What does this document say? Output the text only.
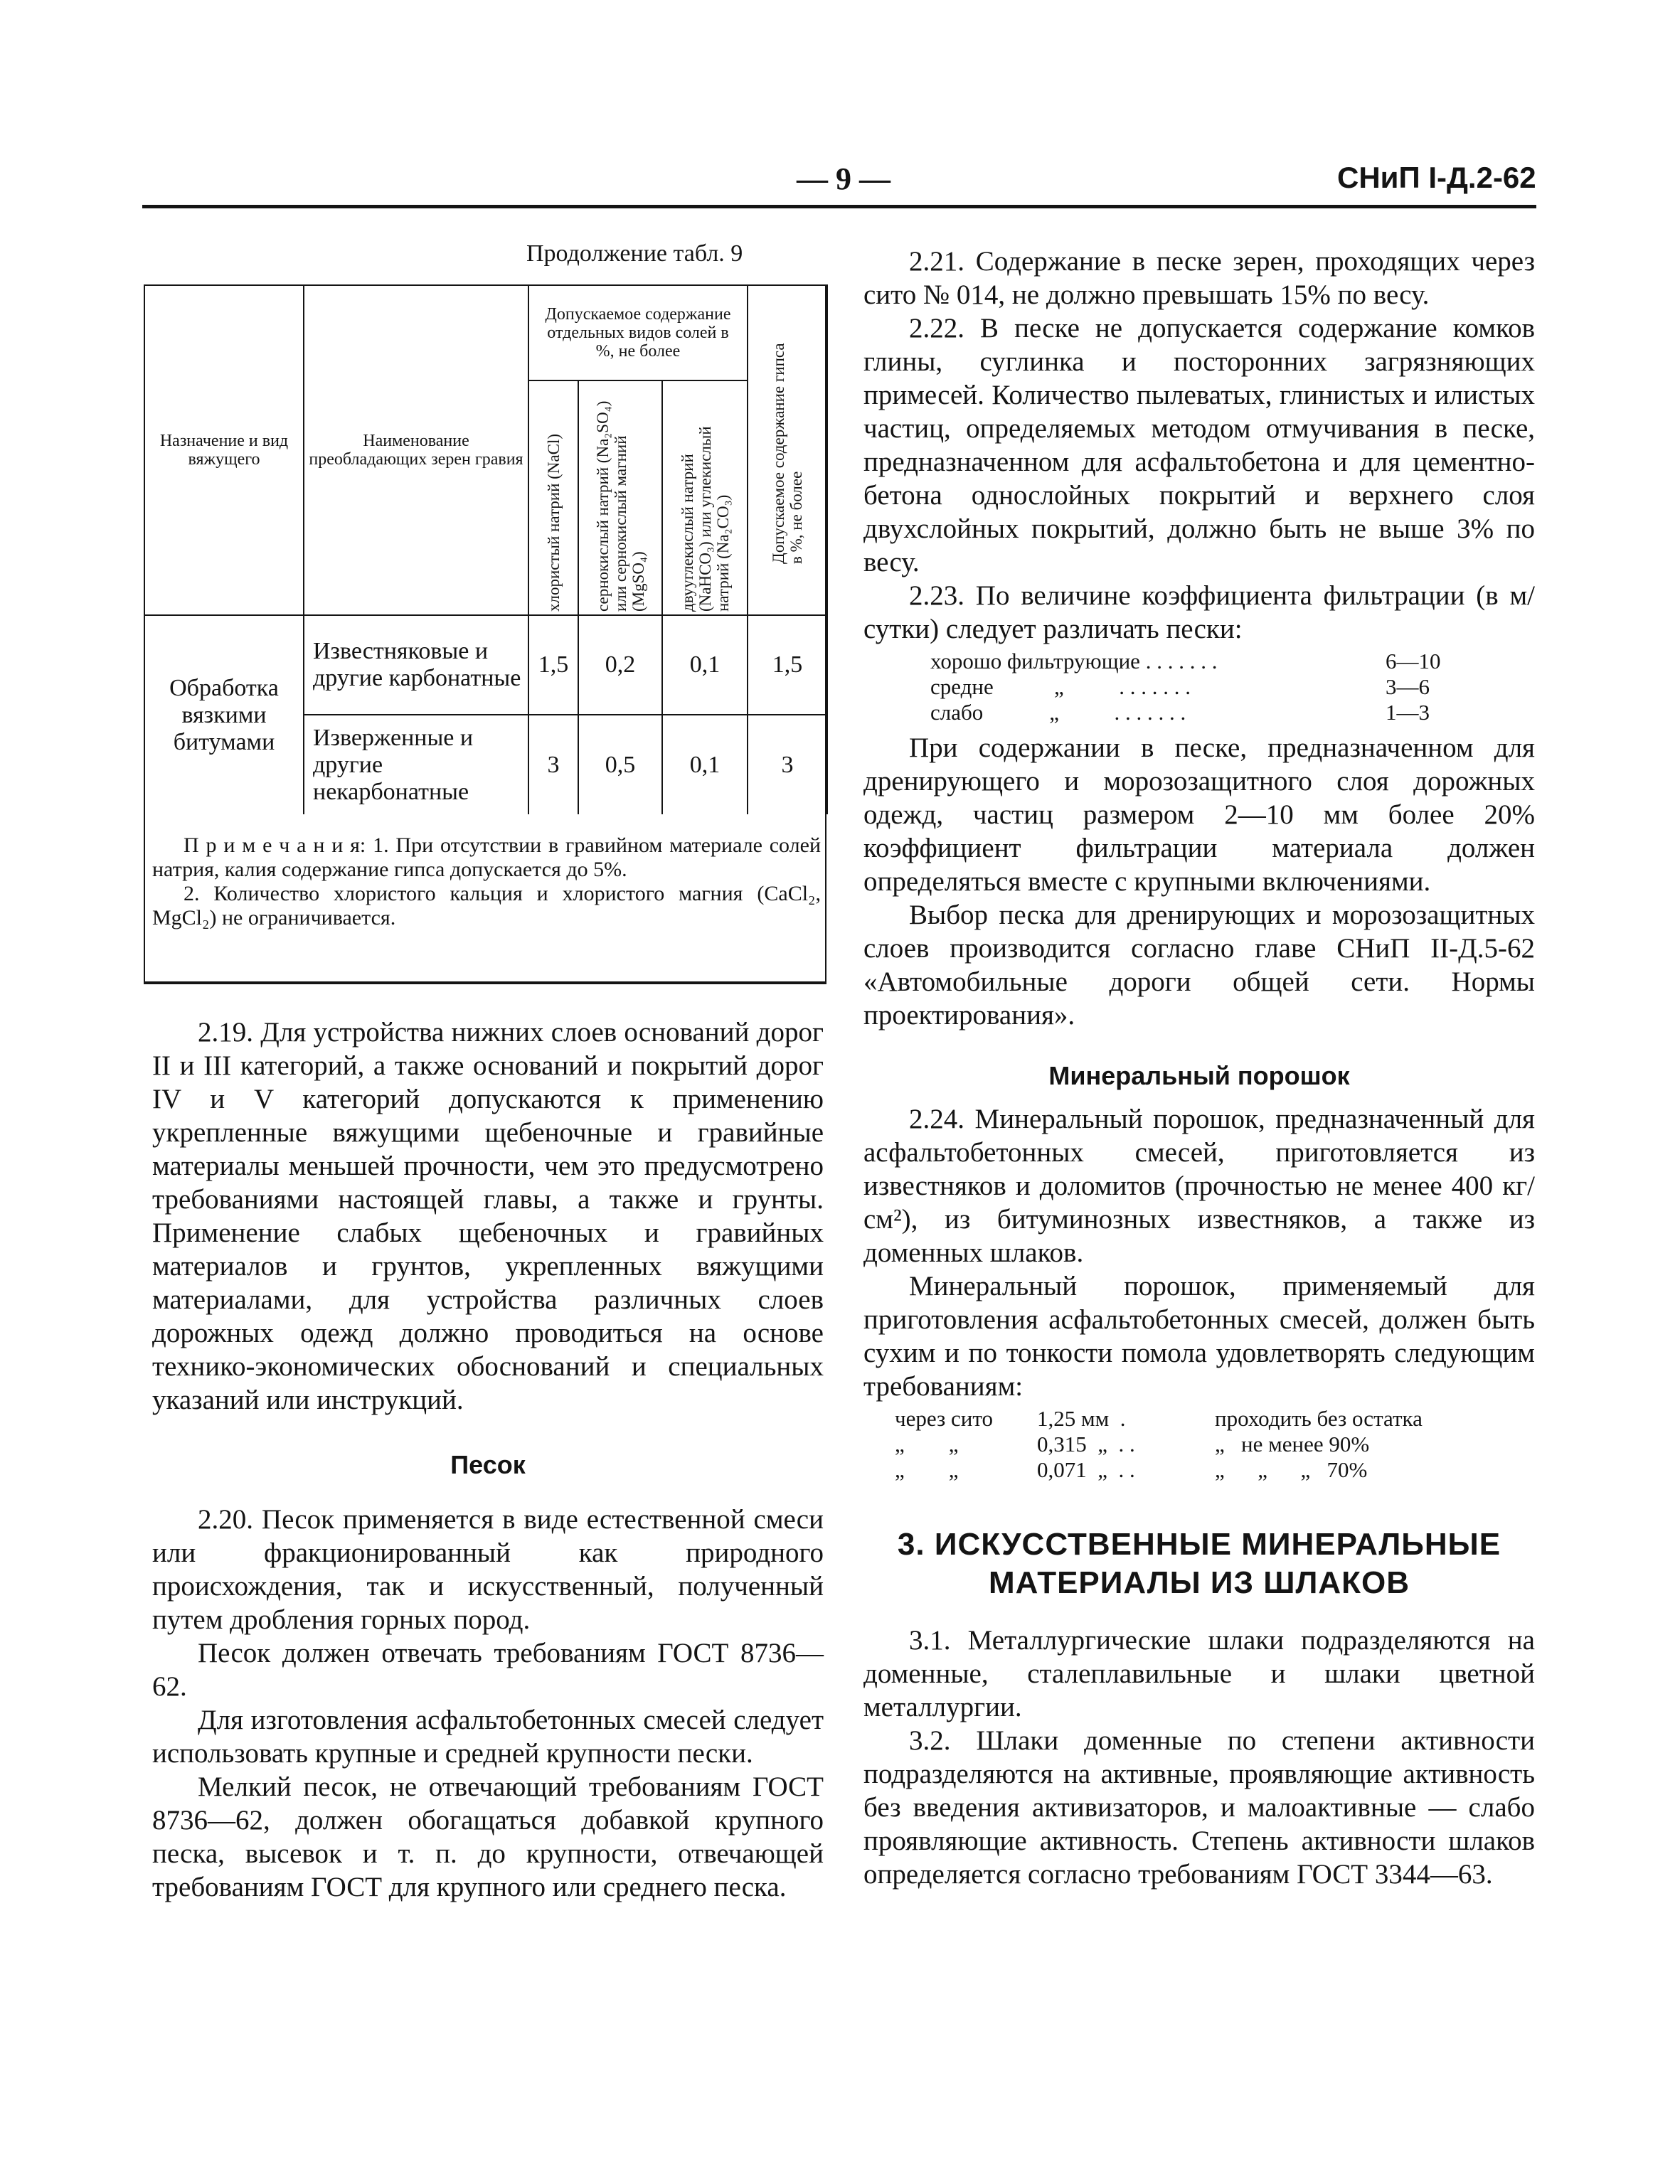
— 9 —	СНиП I-Д.2-62
Продолжение табл. 9
Назначение и вид вяжущего	Наименование преобладающих зерен гравия	Допускаемое содержание отдельных видов солей в %, не более			Допускаемое содержание гипса в %, не более

		хлористый натрий (NaCl)	сернокислый натрий (Na₂SO₄) или сернокислый магний (MgSO₄)	двууглекислый натрий (NaHCO₃) или углекислый натрий (Na₂CO₃)	

Обработка вязкими битумами	Известняковые и другие карбонатные	1,5	0,2	0,1	1,5
	Изверженные и другие некарбонатные	3	0,5	0,1	3

П р и м е ч а н и я: 1. При отсутствии в гравийном материале солей натрия, калия содержание гипса допускается до 5%.

2. Количество хлористого кальция и хлористого магния (CaCl₂, MgCl₂) не ограничивается.

2.19. Для устройства нижних слоев оснований дорог II и III категорий, а также оснований и покрытий дорог IV и V категорий допускаются к применению укрепленные вяжущими щебеночные и гравийные материалы меньшей прочности, чем это предусмотрено требованиями настоящей главы, а также и грунты. Применение слабых щебеночных и гравийных материалов и грунтов, укрепленных вяжущими материалами, для устройства различных слоев дорожных одежд должно проводиться на основе технико-экономических обоснований и специальных указаний или инструкций.

Песок

2.20. Песок применяется в виде естественной смеси или фракционированный как природного происхождения, так и искусственный, полученный путем дробления горных пород.

Песок должен отвечать требованиям ГОСТ 8736—62.

Для изготовления асфальтобетонных смесей следует использовать крупные и средней крупности пески.

Мелкий песок, не отвечающий требованиям ГОСТ 8736—62, должен обогащаться добавкой крупного песка, высевок и т. п. до крупности, отвечающей требованиям ГОСТ для крупного или среднего песка.

2.21. Содержание в песке зерен, проходящих через сито № 014, не должно превышать 15% по весу.

2.22. В песке не допускается содержание комков глины, суглинка и посторонних загрязняющих примесей. Количество пылеватых, глинистых и илистых частиц, определяемых методом отмучивания в песке, предназначенном для асфальтобетона и для цементно-бетона однослойных покрытий и верхнего слоя двухслойных покрытий, должно быть не выше 3% по весу.

2.23. По величине коэффициента фильтрации (в м/сутки) следует различать пески:

хорошо фильтрующие . . . . . . .	6—10
средне           „          . . . . . . .	3—6
слабо            „          . . . . . . .	1—3

При содержании в песке, предназначенном для дренирующего и морозозащитного слоя дорожных одежд, частиц размером 2—10 мм более 20% коэффициент фильтрации материала должен определяться вместе с крупными включениями.

Выбор песка для дренирующих и морозозащитных слоев производится согласно главе СНиП II-Д.5-62 «Автомобильные дороги общей сети. Нормы проектирования».

Минеральный порошок

2.24. Минеральный порошок, предназначенный для асфальтобетонных смесей, приготовляется из известняков и доломитов (прочностью не менее 400 кг/см²), из битуминозных известняков, а также из доменных шлаков.

Минеральный порошок, применяемый для приготовления асфальтобетонных смесей, должен быть сухим и по тонкости помола удовлетворять следующим требованиям:

через сито	1,25 мм  .	проходить без остатка
„        „	0,315  „  . .	„   не менее 90%
„        „	0,071  „  . .	„      „      „   70%
3. ИСКУССТВЕННЫЕ МИНЕРАЛЬНЫЕ МАТЕРИАЛЫ ИЗ ШЛАКОВ

3.1. Металлургические шлаки подразделяются на доменные, сталеплавильные и шлаки цветной металлургии.

3.2. Шлаки доменные по степени активности подразделяются на активные, проявляющие активность без введения активизаторов, и малоактивные — слабо проявляющие активность. Степень активности шлаков определяется согласно требованиям ГОСТ 3344—63.
